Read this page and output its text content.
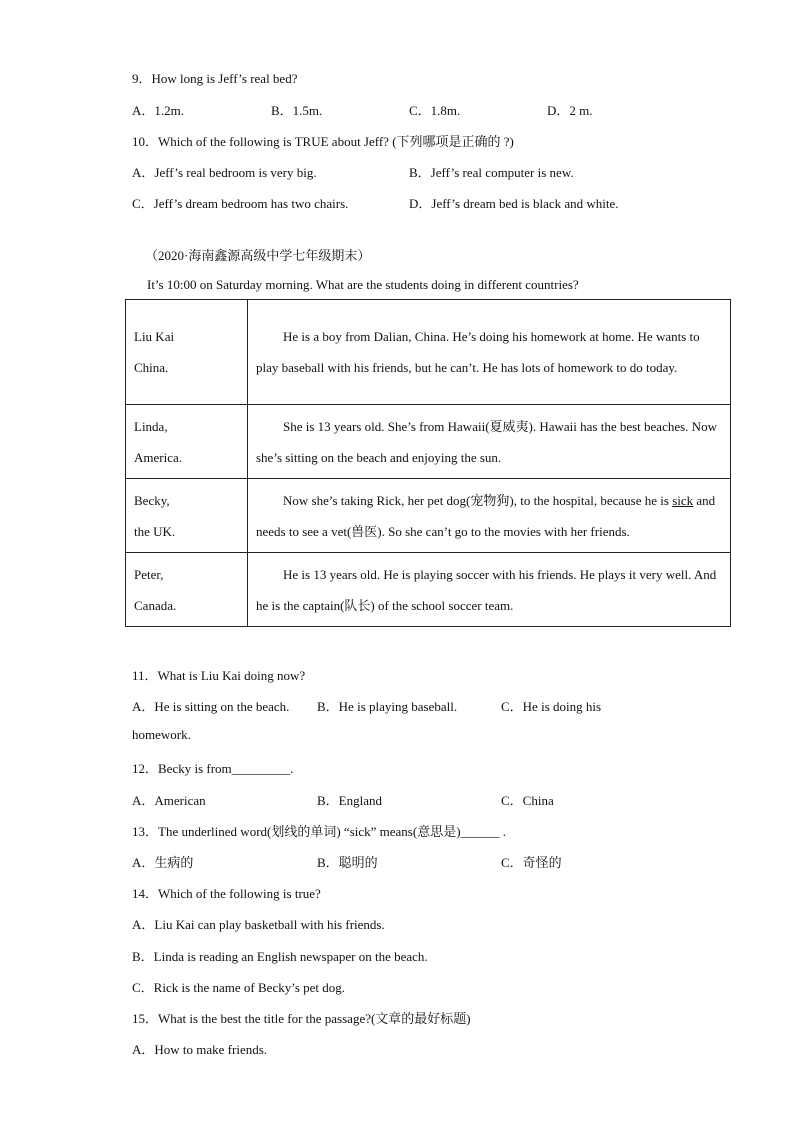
9．How long is Jeff’s real bed?
A．1.2m.	B．1.5m.	C．1.8m.	D．2 m.
10．Which of the following is TRUE about Jeff? (下列哪项是正确的 ?)
A．Jeff’s real bedroom is very big.	B．Jeff’s real computer is new.
C．Jeff’s dream bedroom has two chairs.	D．Jeff’s dream bed is black and white.
（2020·海南鑫源高级中学七年级期末）
It’s 10:00 on Saturday morning. What are the students doing in different countries?
Liu Kai
China.	He is a boy from Dalian, China. He’s doing his homework at home. He wants to play baseball with his friends, but he can’t. He has lots of homework to do today.

Linda,
America.	She is 13 years old. She’s from Hawaii(夏威夷). Hawaii has the best beaches. Now she’s sitting on the beach and enjoying the sun.

Becky,
the UK.	Now she’s taking Rick, her pet dog(宠物狗), to the hospital, because he is sick and needs to see a vet(兽医). So she can’t go to the movies with her friends.

Peter,
Canada.	He is 13 years old. He is playing soccer with his friends. He plays it very well. And he is the captain(队长) of the school soccer team.
11．What is Liu Kai doing now?
A．He is sitting on the beach. B．He is playing baseball.	C．He is doing his
homework.
12．Becky is from_________.
A．American	B．England	C．China
13．The underlined word(划线的单词) “sick” means(意思是)______ .
A．生病的	B．聪明的	C．奇怪的
14．Which of the following is true?
A．Liu Kai can play basketball with his friends.
B．Linda is reading an English newspaper on the beach.
C．Rick is the name of Becky’s pet dog.
15．What is the best the title for the passage?(文章的最好标题)
A．How to make friends.
